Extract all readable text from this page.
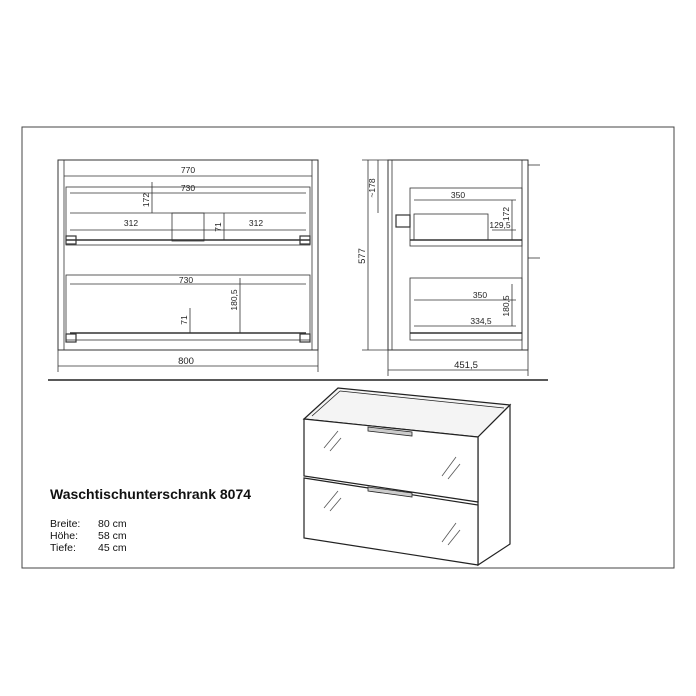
770
730
172
312	71	312
730
180,5
71
800
577
~178	350
172
129,5
350
180,5
334,5
451,5
Waschtischunterschrank 8074
Breite: 80 cm
Höhe: 58 cm
Tiefe: 45 cm
